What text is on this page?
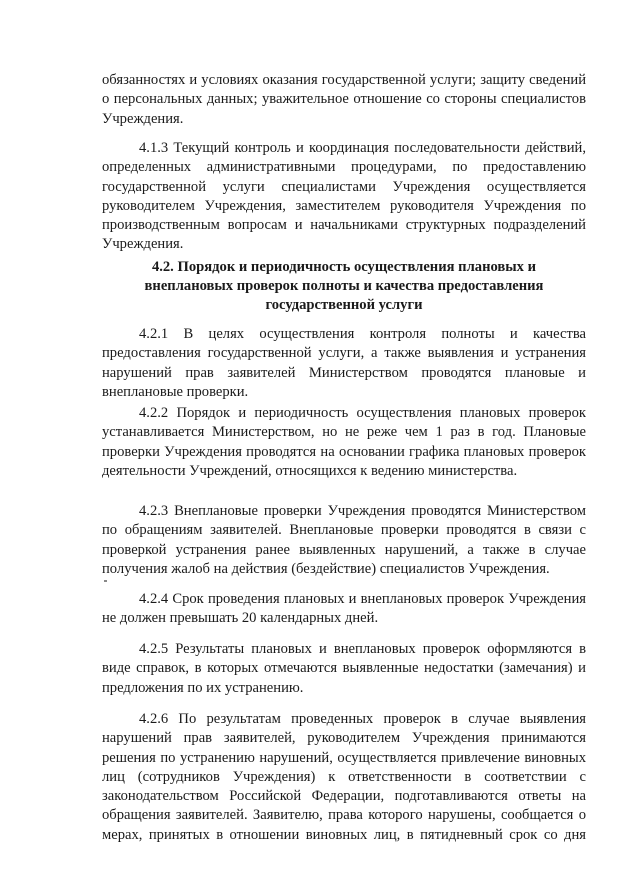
обязанностях и условиях оказания государственной услуги; защиту сведений
о персональных данных; уважительное отношение со стороны специалистов
Учреждения.
4.1.3 Текущий контроль и координация последовательности действий,
определенных административными процедурами, по предоставлению
государственной услуги специалистами Учреждения осуществляется
руководителем Учреждения, заместителем руководителя Учреждения по
производственным вопросам и начальниками структурных подразделений
Учреждения.
4.2. Порядок и периодичность осуществления плановых и
внеплановых проверок полноты и качества предоставления
государственной услуги
4.2.1 В целях осуществления контроля полноты и качества
предоставления государственной услуги, а также выявления и устранения
нарушений прав заявителей Министерством проводятся плановые и
внеплановые проверки.
4.2.2 Порядок и периодичность осуществления плановых проверок
устанавливается Министерством, но не реже чем 1 раз в год. Плановые
проверки Учреждения проводятся на основании графика плановых проверок
деятельности Учреждений, относящихся к ведению министерства.
4.2.3 Внеплановые проверки Учреждения проводятся Министерством
по обращениям заявителей. Внеплановые проверки проводятся в связи с
проверкой устранения ранее выявленных нарушений, а также в случае
получения жалоб на действия (бездействие) специалистов Учреждения.
4.2.4 Срок проведения плановых и внеплановых проверок Учреждения
не должен превышать 20 календарных дней.
4.2.5 Результаты плановых и внеплановых проверок оформляются в
виде справок, в которых отмечаются выявленные недостатки (замечания) и
предложения по их устранению.
4.2.6 По результатам проведенных проверок в случае выявления
нарушений прав заявителей, руководителем Учреждения принимаются
решения по устранению нарушений, осуществляется привлечение виновных
лиц (сотрудников Учреждения) к ответственности в соответствии с
законодательством Российской Федерации, подготавливаются ответы на
обращения заявителей. Заявителю, права которого нарушены, сообщается о
мерах, принятых в отношении виновных лиц, в пятидневный срок со дня
